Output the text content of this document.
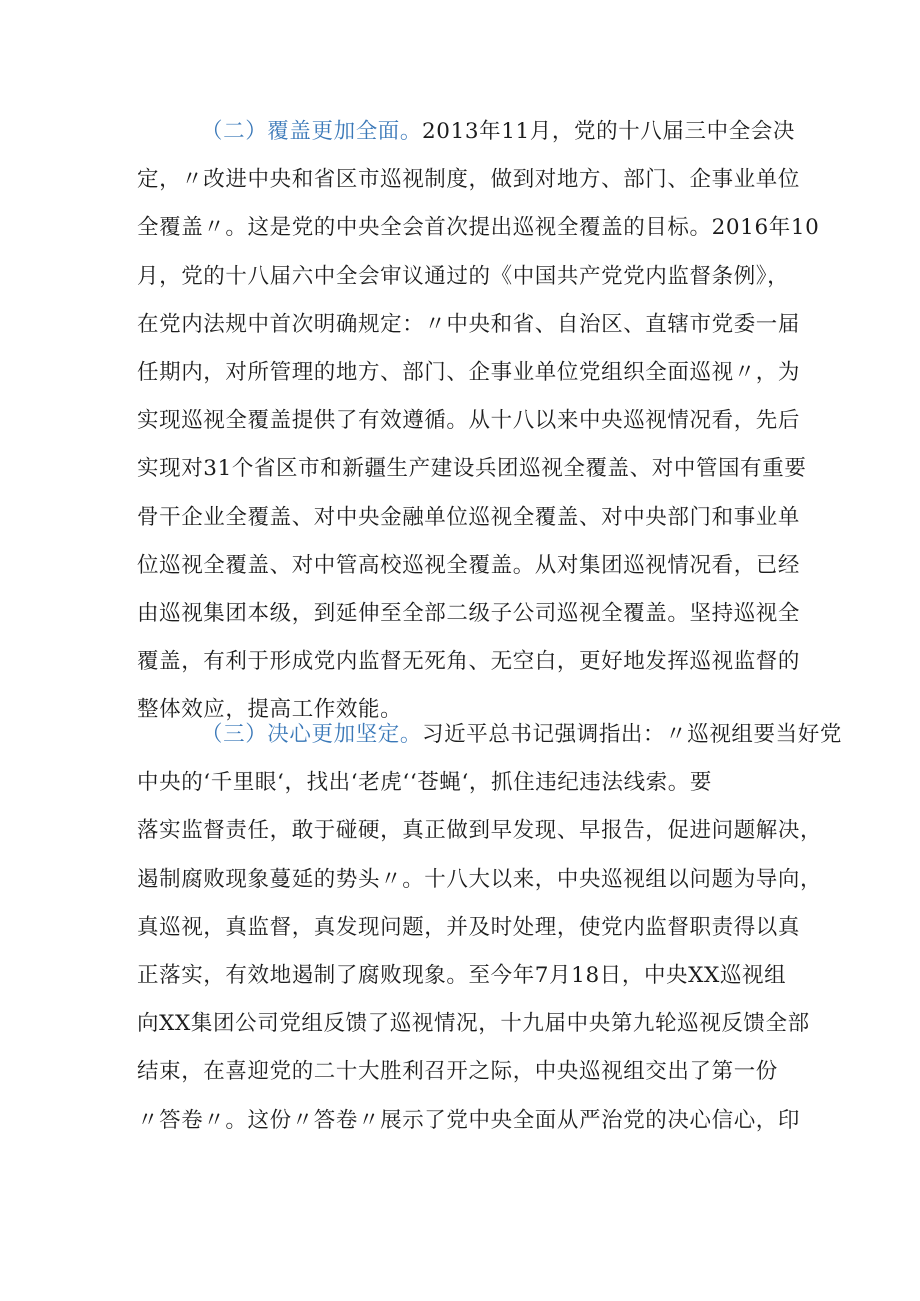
（二）覆盖更加全面。2013年11月，党的十八届三中全会决
定，〃改进中央和省区市巡视制度，做到对地方、部门、企事业单位
全覆盖〃。这是党的中央全会首次提出巡视全覆盖的目标。2016年10
月，党的十八届六中全会审议通过的《中国共产党党内监督条例》，
在党内法规中首次明确规定：〃中央和省、自治区、直辖市党委一届
任期内，对所管理的地方、部门、企事业单位党组织全面巡视〃，为
实现巡视全覆盖提供了有效遵循。从十八以来中央巡视情况看，先后
实现对31个省区市和新疆生产建设兵团巡视全覆盖、对中管国有重要
骨干企业全覆盖、对中央金融单位巡视全覆盖、对中央部门和事业单
位巡视全覆盖、对中管高校巡视全覆盖。从对集团巡视情况看，已经
由巡视集团本级，到延伸至全部二级子公司巡视全覆盖。坚持巡视全
覆盖，有利于形成党内监督无死角、无空白，更好地发挥巡视监督的
整体效应，提高工作效能。
（三）决心更加坚定。习近平总书记强调指出：〃巡视组要当好党
中央的‘千里眼‘，找出‘老虎‘‘苍蝇‘，抓住违纪违法线索。要
落实监督责任，敢于碰硬，真正做到早发现、早报告，促进问题解决，
遏制腐败现象蔓延的势头〃。十八大以来，中央巡视组以问题为导向，
真巡视，真监督，真发现问题，并及时处理，使党内监督职责得以真
正落实，有效地遏制了腐败现象。至今年7月18日，中央XX巡视组
向XX集团公司党组反馈了巡视情况，十九届中央第九轮巡视反馈全部
结束，在喜迎党的二十大胜利召开之际，中央巡视组交出了第一份
〃答卷〃。这份〃答卷〃展示了党中央全面从严治党的决心信心，印
